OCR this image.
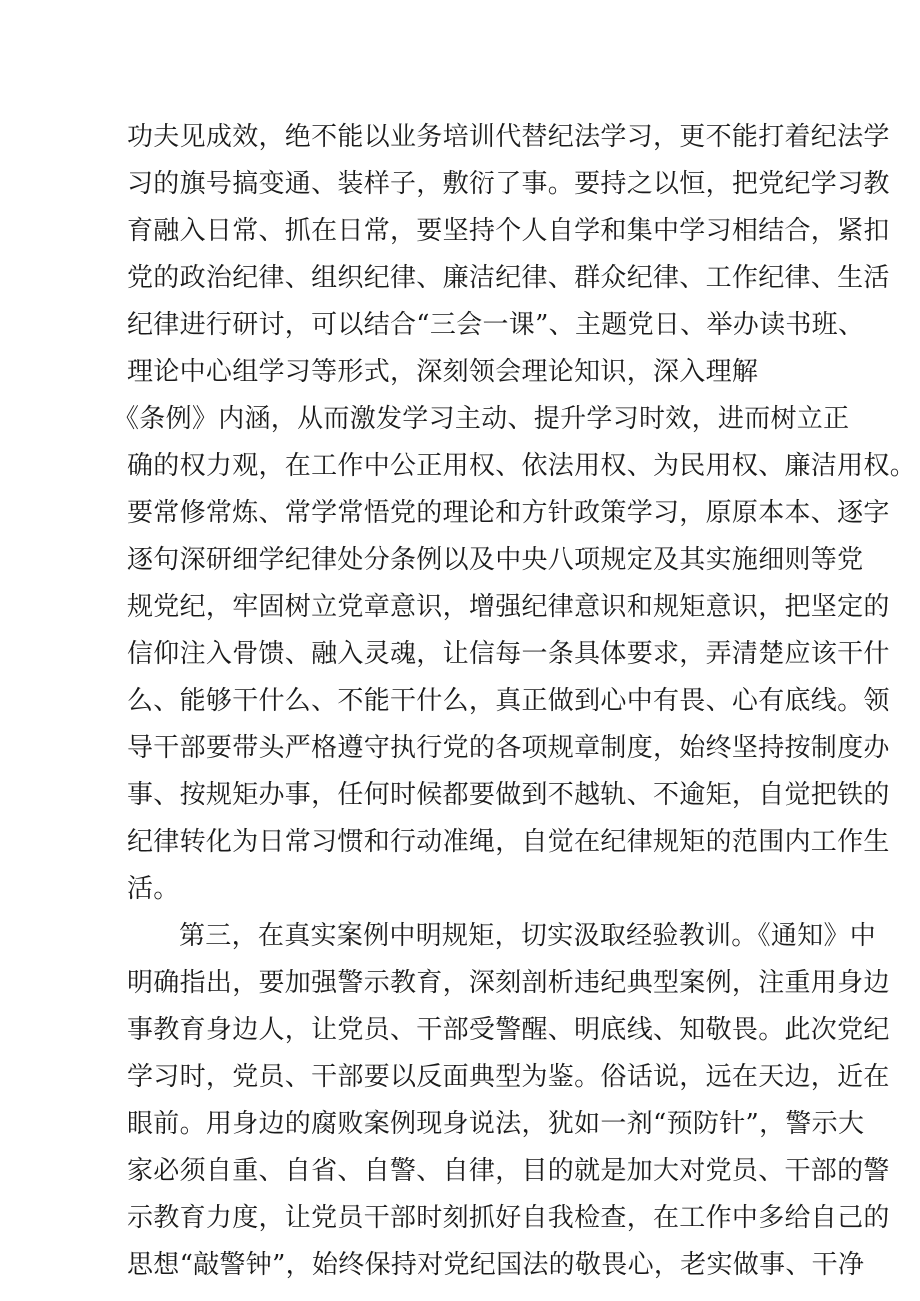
功夫见成效，绝不能以业务培训代替纪法学习，更不能打着纪法学
习的旗号搞变通、装样子，敷衍了事。要持之以恒，把党纪学习教
育融入日常、抓在日常，要坚持个人自学和集中学习相结合，紧扣
党的政治纪律、组织纪律、廉洁纪律、群众纪律、工作纪律、生活
纪律进行研讨，可以结合“三会一课”、主题党日、举办读书班、
理论中心组学习等形式，深刻领会理论知识，深入理解
《条例》内涵，从而激发学习主动、提升学习时效，进而树立正
确的权力观，在工作中公正用权、依法用权、为民用权、廉洁用权。
要常修常炼、常学常悟党的理论和方针政策学习，原原本本、逐字
逐句深研细学纪律处分条例以及中央八项规定及其实施细则等党
规党纪，牢固树立党章意识，增强纪律意识和规矩意识，把坚定的
信仰注入骨馈、融入灵魂，让信每一条具体要求，弄清楚应该干什
么、能够干什么、不能干什么，真正做到心中有畏、心有底线。领
导干部要带头严格遵守执行党的各项规章制度，始终坚持按制度办
事、按规矩办事，任何时候都要做到不越轨、不逾矩，自觉把铁的
纪律转化为日常习惯和行动准绳，自觉在纪律规矩的范围内工作生
活。
第三，在真实案例中明规矩，切实汲取经验教训。《通知》中
明确指出，要加强警示教育，深刻剖析违纪典型案例，注重用身边
事教育身边人，让党员、干部受警醒、明底线、知敬畏。此次党纪
学习时，党员、干部要以反面典型为鉴。俗话说，远在天边，近在
眼前。用身边的腐败案例现身说法，犹如一剂“预防针”，警示大
家必须自重、自省、自警、自律，目的就是加大对党员、干部的警
示教育力度，让党员干部时刻抓好自我检查，在工作中多给自己的
思想“敲警钟”，始终保持对党纪国法的敬畏心，老实做事、干净
